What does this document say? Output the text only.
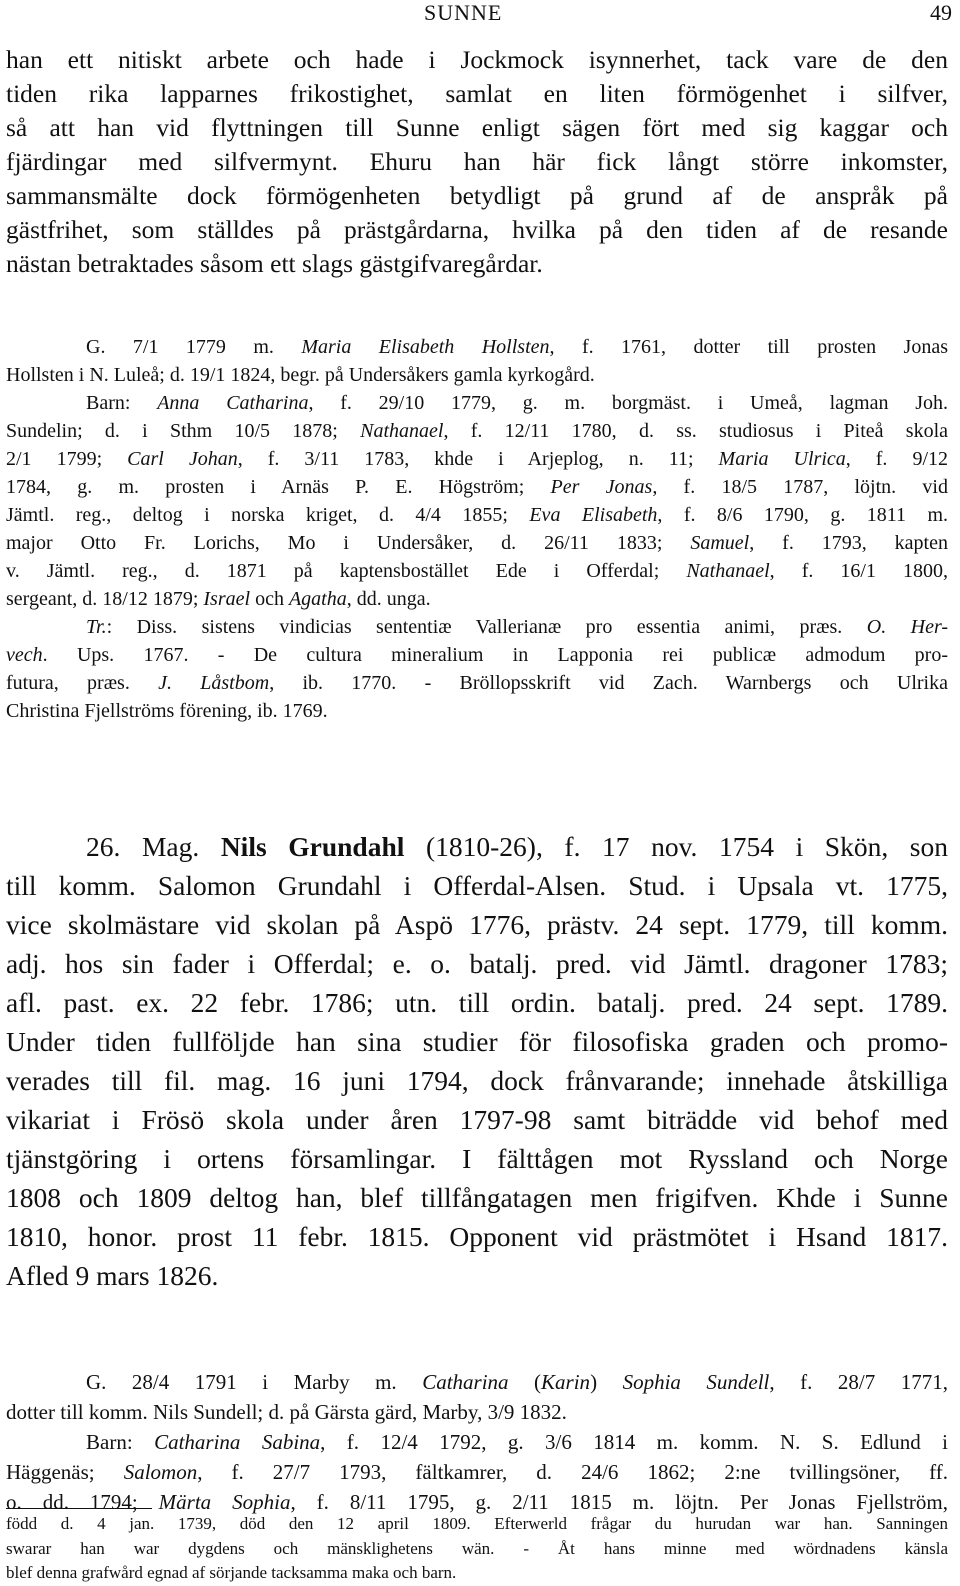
SUNNE	49
han ett nitiskt arbete och hade i Jockmock isynnerhet, tack vare de den
tiden rika lapparnes frikostighet, samlat en liten förmögenhet i silfver,
så att han vid flyttningen till Sunne enligt sägen fört med sig kaggar och
fjärdingar med silfvermynt. Ehuru han här fick långt större inkomster,
sammansmälte dock förmögenheten betydligt på grund af de anspråk på
gästfrihet, som ställdes på prästgårdarna, hvilka på den tiden af de resande
nästan betraktades såsom ett slags gästgifvaregårdar.
G. 7/1 1779 m. Maria Elisabeth Hollsten, f. 1761, dotter till prosten Jonas
Hollsten i N. Luleå; d. 19/1 1824, begr. på Undersåkers gamla kyrkogård.
Barn: Anna Catharina, f. 29/10 1779, g. m. borgmäst. i Umeå, lagman Joh.
Sundelin; d. i Sthm 10/5 1878; Nathanael, f. 12/11 1780, d. ss. studiosus i Piteå skola
2/1 1799; Carl Johan, f. 3/11 1783, khde i Arjeplog, n. 11; Maria Ulrica, f. 9/12
1784, g. m. prosten i Arnäs P. E. Högström; Per Jonas, f. 18/5 1787, löjtn. vid
Jämtl. reg., deltog i norska kriget, d. 4/4 1855; Eva Elisabeth, f. 8/6 1790, g. 1811 m.
major Otto Fr. Lorichs, Mo i Undersåker, d. 26/11 1833; Samuel, f. 1793, kapten
v. Jämtl. reg., d. 1871 på kaptensbostället Ede i Offerdal; Nathanael, f. 16/1 1800,
sergeant, d. 18/12 1879; Israel och Agatha, dd. unga.
Tr.: Diss. sistens vindicias sententiæ Vallerianæ pro essentia animi, præs. O. Her-
vech. Ups. 1767. - De cultura mineralium in Lapponia rei publicæ admodum pro-
futura, præs. J. Låstbom, ib. 1770. - Bröllopsskrift vid Zach. Warnbergs och Ulrika
Christina Fjellströms förening, ib. 1769.
26. Mag. Nils Grundahl (1810-26), f. 17 nov. 1754 i Skön, son
till komm. Salomon Grundahl i Offerdal-Alsen. Stud. i Upsala vt. 1775,
vice skolmästare vid skolan på Aspö 1776, prästv. 24 sept. 1779, till komm.
adj. hos sin fader i Offerdal; e. o. batalj. pred. vid Jämtl. dragoner 1783;
afl. past. ex. 22 febr. 1786; utn. till ordin. batalj. pred. 24 sept. 1789.
Under tiden fullföljde han sina studier för filosofiska graden och promo-
verades till fil. mag. 16 juni 1794, dock frånvarande; innehade åtskilliga
vikariat i Frösö skola under åren 1797-98 samt biträdde vid behof med
tjänstgöring i ortens församlingar. I fälttågen mot Ryssland och Norge
1808 och 1809 deltog han, blef tillfångatagen men frigifven. Khde i Sunne
1810, honor. prost 11 febr. 1815. Opponent vid prästmötet i Hsand 1817.
Afled 9 mars 1826.
G. 28/4 1791 i Marby m. Catharina (Karin) Sophia Sundell, f. 28/7 1771,
dotter till komm. Nils Sundell; d. på Gärsta gärd, Marby, 3/9 1832.
Barn: Catharina Sabina, f. 12/4 1792, g. 3/6 1814 m. komm. N. S. Edlund i
Häggenäs; Salomon, f. 27/7 1793, fältkamrer, d. 24/6 1862; 2:ne tvillingsöner, ff.
o. dd. 1794; Märta Sophia, f. 8/11 1795, g. 2/11 1815 m. löjtn. Per Jonas Fjellström,
född d. 4 jan. 1739, död den 12 april 1809. Efterwerld frågar du hurudan war han. Sanningen
swarar han war dygdens och mänsklighetens wän. - Åt hans minne med wördnadens känsla
blef denna grafwård egnad af sörjande tacksamma maka och barn.
